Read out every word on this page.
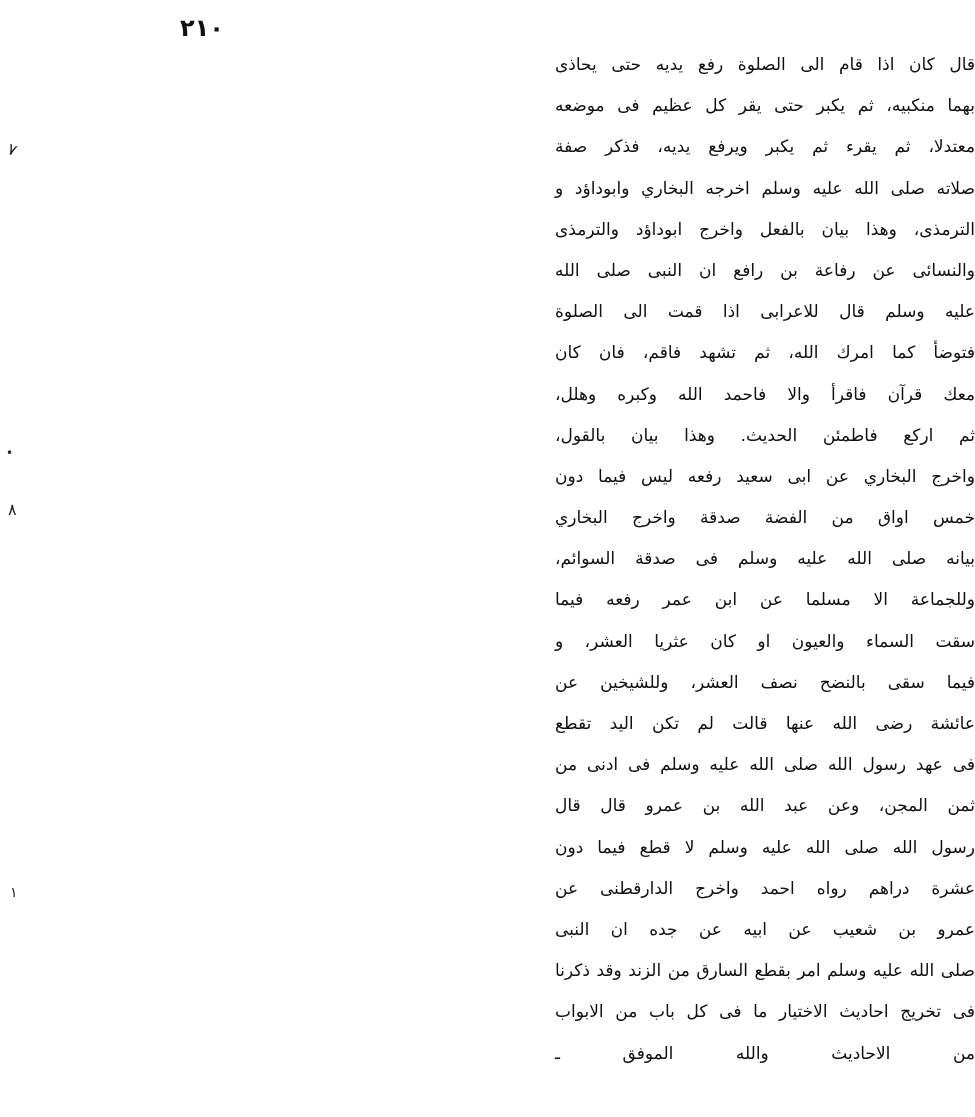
٢١٠
قال كان اذا قام الى الصلوة رفع يديه حتى يحاذى
بهما منكبيه، ثم يكبر حتى يقر كل عظيم فى موضعه
معتدلا، ثم يقرء ثم يكبر ويرفع يديه، فذكر صفة
صلاته صلى الله عليه وسلم اخرجه البخاري وابوداؤد و
الترمذى، وهذا بيان بالفعل واخرج ابوداؤد والترمذى
والنسائى عن رفاعة بن رافع ان النبى صلى الله
عليه وسلم قال للاعرابى اذا قمت الى الصلوة
فتوضأ كما امرك الله، ثم تشهد فاقم، فان كان
معك قرآن فاقرأ والا فاحمد الله وكبره وهلل،
ثم اركع فاطمئن الحديث. وهذا بيان بالقول،
واخرج البخاري عن ابى سعيد رفعه ليس فيما دون
خمس اواق من الفضة صدقة واخرج البخاري
بيانه صلى الله عليه وسلم فى صدقة السوائم،
وللجماعة الا مسلما عن ابن عمر رفعه فيما
سقت السماء والعيون او كان عثريا العشر، و
فيما سقى بالنضح نصف العشر، وللشيخين عن
عائشة رضى الله عنها قالت لم تكن اليد تقطع
فى عهد رسول الله صلى الله عليه وسلم فى ادنى من
ثمن المجن، وعن عبد الله بن عمرو قال قال
رسول الله صلى الله عليه وسلم لا قطع فيما دون
عشرة دراهم رواه احمد واخرج الدارقطنى عن
عمرو بن شعيب عن ابيه عن جده ان النبى
صلى الله عليه وسلم امر بقطع السارق من الزند وقد ذكرنا
فى تخريج احاديث الاختيار ما فى كل باب من الابواب
من الاحاديث والله الموفق ـ
٧
•
٨
١
